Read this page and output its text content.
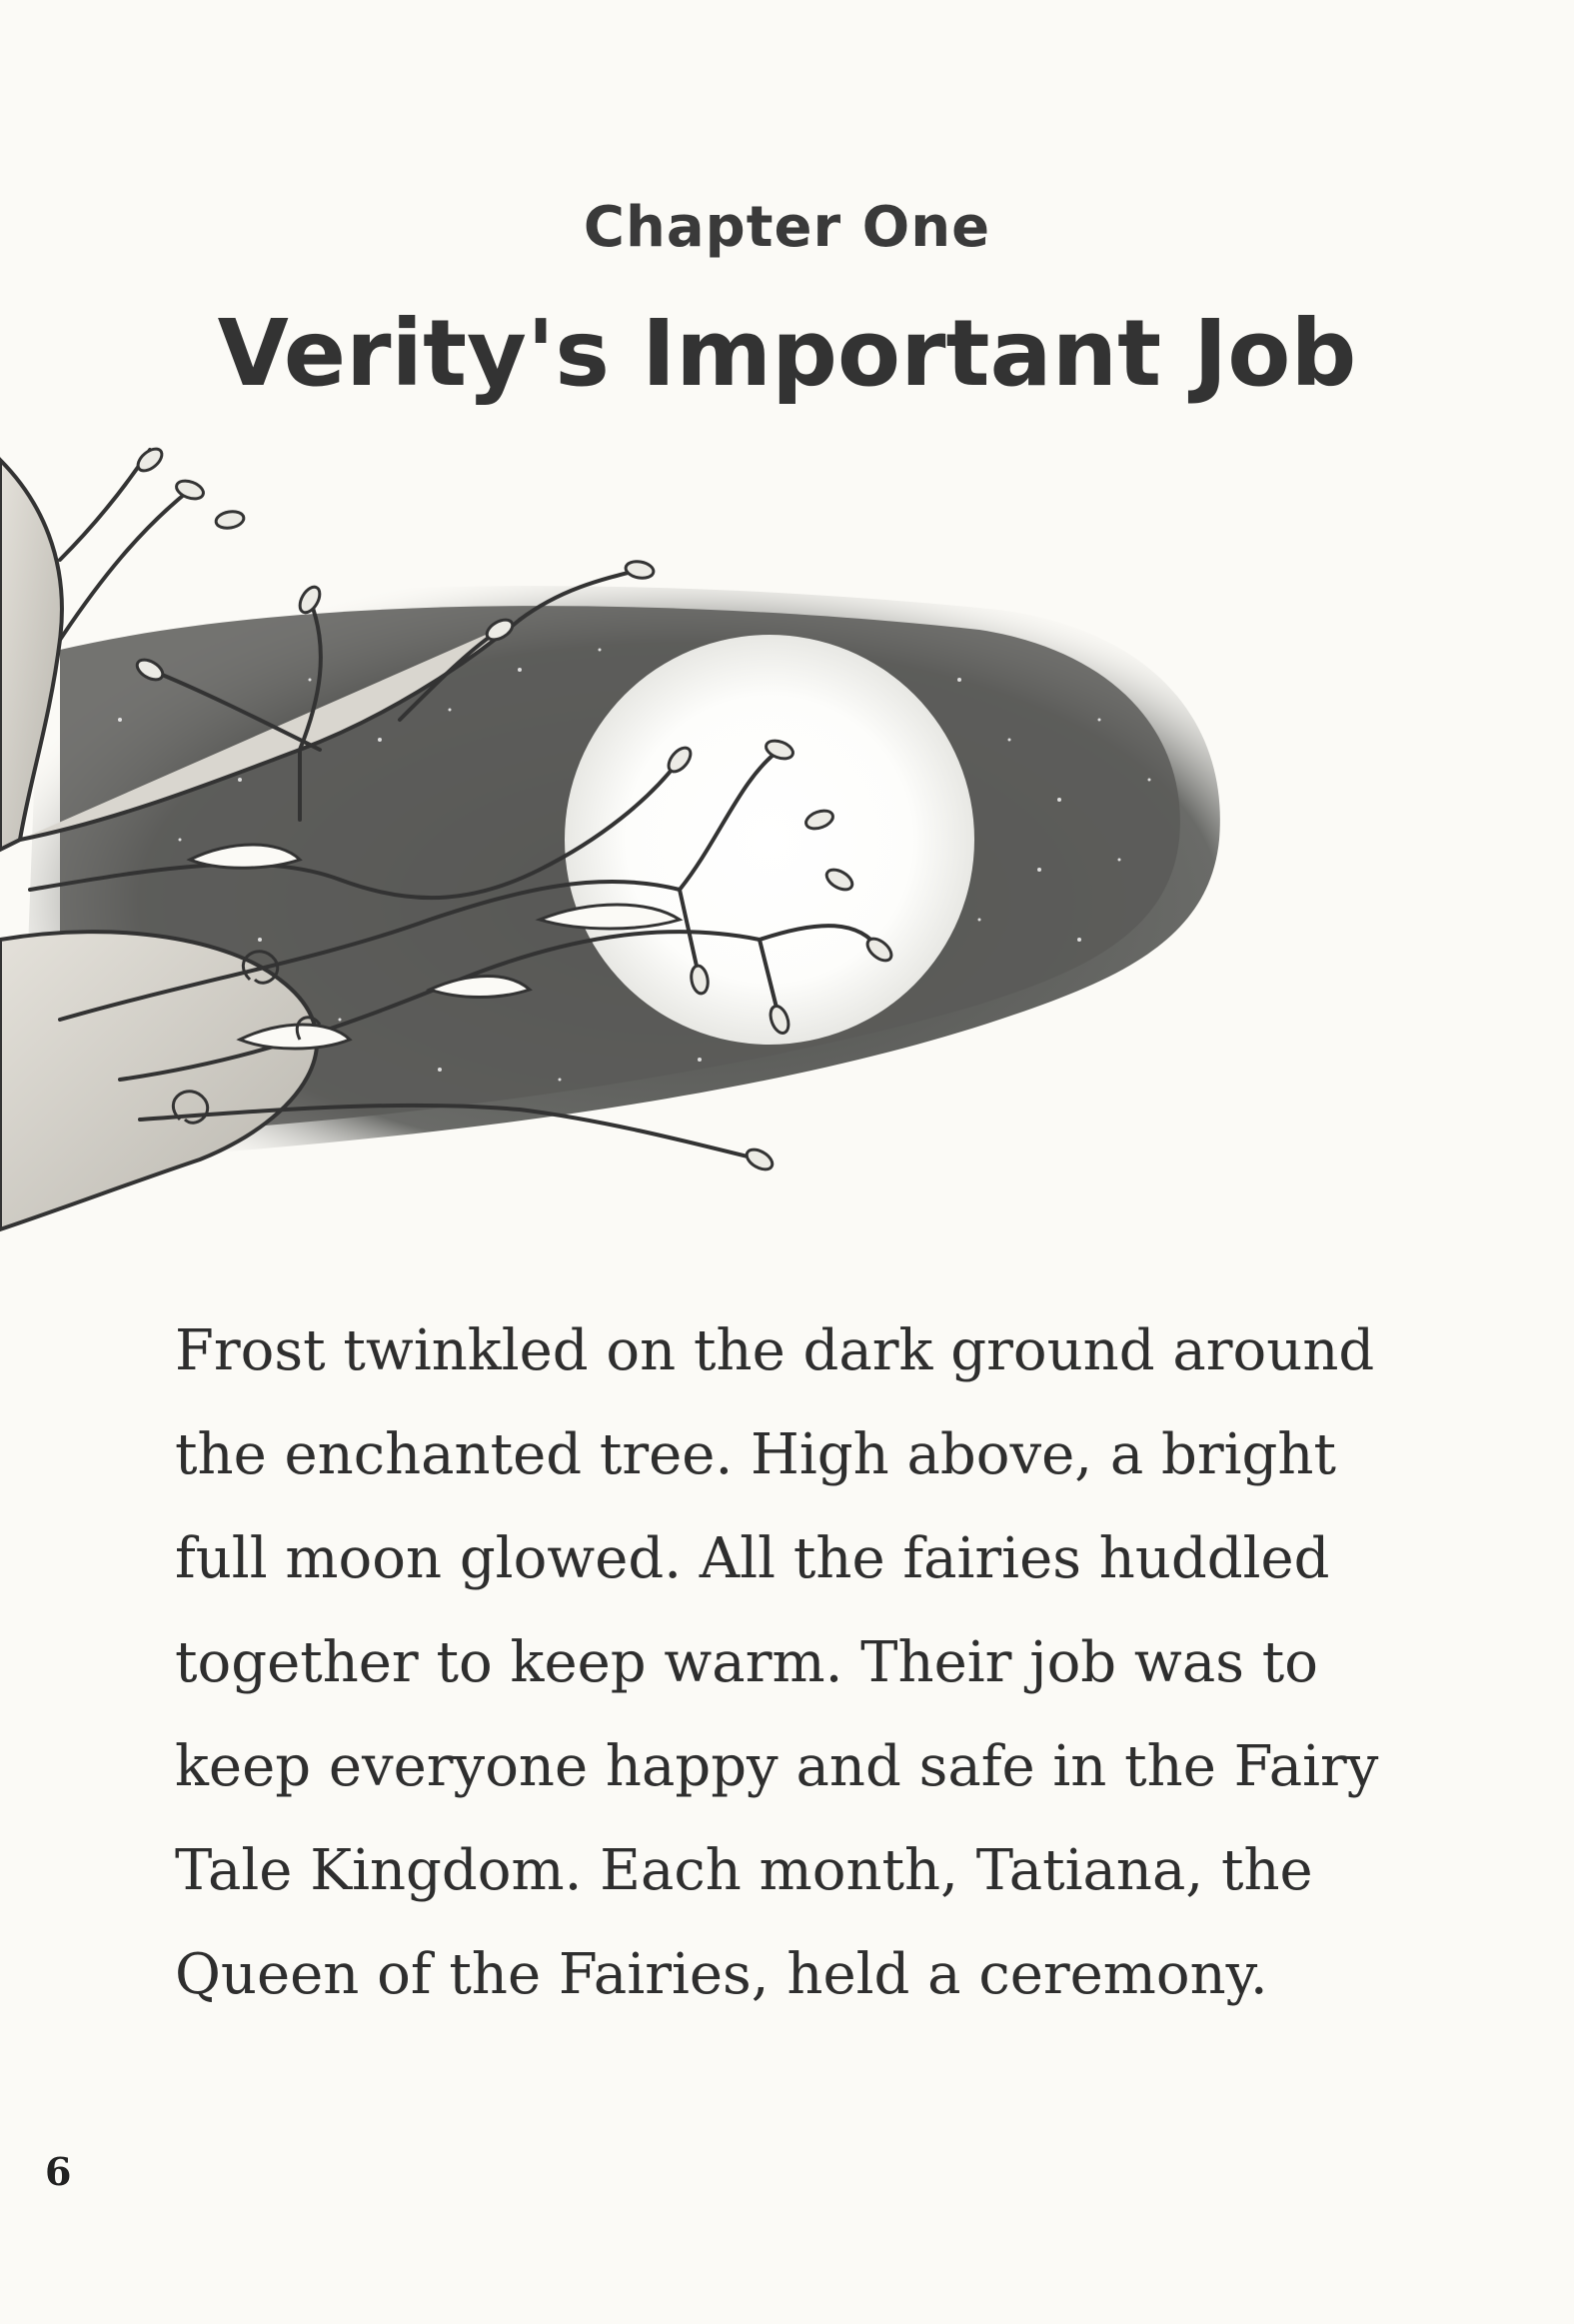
Chapter One
Verity's Important Job

Frost twinkled on the dark ground around the enchanted tree. High above, a bright full moon glowed. All the fairies huddled together to keep warm. Their job was to keep everyone happy and safe in the Fairy Tale Kingdom. Each month, Tatiana, the Queen of the Fairies, held a ceremony.

6
